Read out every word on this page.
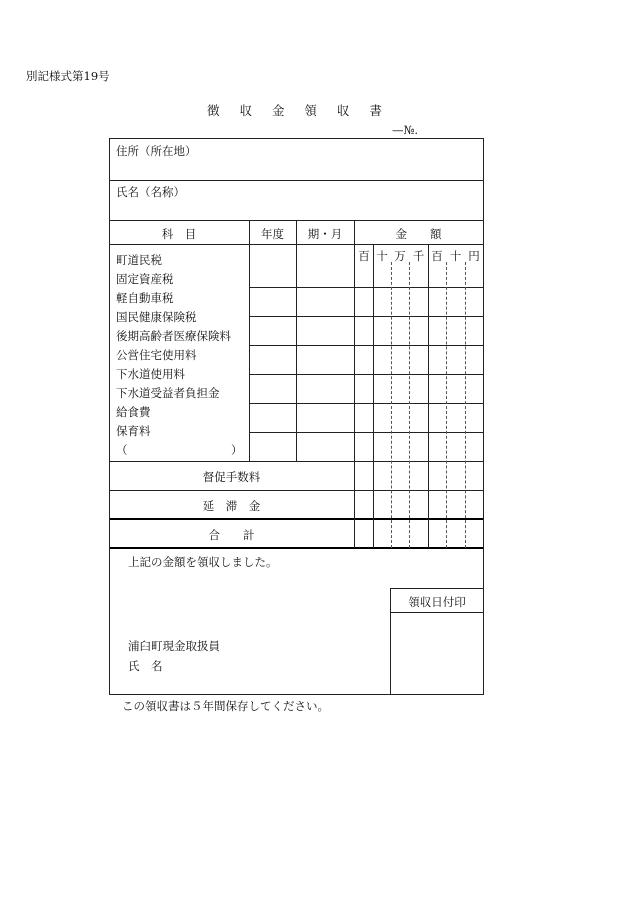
別記様式第19号
徴 収 金 領 収 書
—№.
住所（所在地）
氏名（名称）
科　目	年度	期・月	金　　額
百 十 万 千 百 十 円
町道民税
固定資産税
軽自動車税
国民健康保険税
後期高齢者医療保険料
公営住宅使用料
下水道使用料
下水道受益者負担金
給食費
保育料
（　　　　　　　　　）
督促手数料
延　滞　金
合　　計
上記の金額を領収しました。
領収日付印
浦臼町現金取扱員
氏　名
この領収書は５年間保存してください。
